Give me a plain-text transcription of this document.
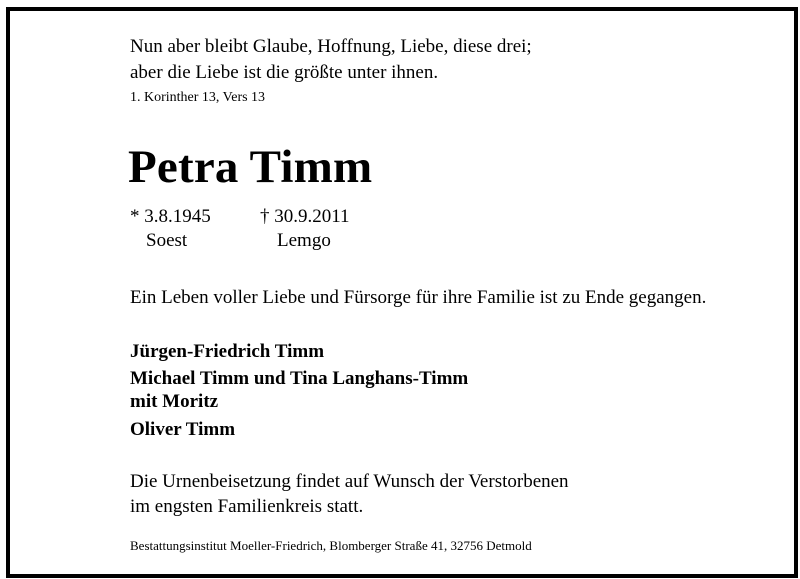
Nun aber bleibt Glaube, Hoffnung, Liebe, diese drei;
aber die Liebe ist die größte unter ihnen.
1. Korinther 13, Vers 13
Petra Timm
* 3.8.1945
Soest
† 30.9.2011
Lemgo
Ein Leben voller Liebe und Fürsorge für ihre Familie ist zu Ende gegangen.
Jürgen-Friedrich Timm
Michael Timm und Tina Langhans-Timm
mit Moritz
Oliver Timm
Die Urnenbeisetzung findet auf Wunsch der Verstorbenen
im engsten Familienkreis statt.
Bestattungsinstitut Moeller-Friedrich, Blomberger Straße 41, 32756 Detmold
